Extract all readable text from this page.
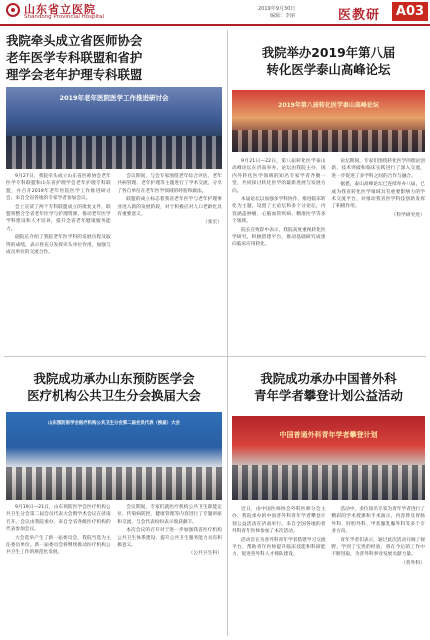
山东省立医院
Shandong Provincial Hospital
2019年9月30日
编辑：李丽	医教研	A03
我院牵头成立省医师协会
老年医学专科联盟和省护
理学会老年护理专科联盟
2019年老年医院医学工作推进研讨会

9月27日，我院牵头成立山东省医师协会老年医学专科联盟和山东省护理学会老年护理专科联盟，并召开2019年老年医院医学工作推进研讨会。来自全省各地的专家学者参加会议。

会上宣读了两个专科联盟成立的批复文件，联盟将整合全省老年医学与护理资源，推动老年医学学科建设和人才培养，提升全省老年健康服务能力。

副院长介绍了我院老年医学科的发展历程及取得的成绩，表示将充分发挥牵头单位作用，加强与成员单位的交流合作。

会议期间，与会专家围绕老年综合评估、老年共病管理、老年护理等主题进行了学术交流，分享了各自单位在老年医学领域的经验和做法。

联盟的成立标志着我省老年医学与老年护理事业进入新的发展阶段，对于积极应对人口老龄化具有重要意义。

（张宏）
我院举办2019年第八届
转化医学泰山高峰论坛
2019年第八届转化医学泰山高峰论坛

9月21日—22日，第八届转化医学泰山高峰论坛在济南举办。论坛由我院主办，国内外转化医学领域的知名专家学者齐聚一堂，共同探讨转化医学的最新进展与发展方向。

本届论坛以加强多学科协作、推进临床转化为主题，设置了主论坛和多个分论坛，内容涵盖肿瘤、心脑血管疾病、精准医学等多个领域。

院长在致辞中表示，我院高度重视转化医学研究，积极搭建平台，推动基础研究成果向临床应用转化。

论坛期间，专家们围绕转化医学的理论创新、技术突破和临床实践进行了深入交流，进一步促进了多学科之间的合作与融合。

据悉，泰山高峰论坛已连续举办八届，已成为我省转化医学领域具有重要影响力的学术交流平台，对推动我省医学科技创新发挥了积极作用。

（科学研究处）
我院成功承办山东预防医学会
医疗机构公共卫生分会换届大会
山东预防医学会医疗机构公共卫生分会第二届会员代表（换届）大会

9月19日—21日，山东预防医学会医疗机构公共卫生分会第二届会员代表大会暨学术会议在济南召开。会议由我院承办，来自全省各级医疗机构的代表参加会议。

大会选举产生了新一届委员会，我院当选为主任委员单位。新一届委员会将继续推动医疗机构公共卫生工作的规范化发展。

会议期间，专家们就医疗机构公共卫生职能定位、传染病防控、健康管理等内容进行了专题讲座和交流，与会代表纷纷表示收获颇丰。

本次会议的召开对于进一步加强我省医疗机构公共卫生体系建设、提升公共卫生服务能力具有积极意义。

（公共卫生科）
我院成功承办中国普外科
青年学者攀登计划公益活动
中国普通外科青年学者攀登计划

近日，由中国医师协会外科医师分会主办、我院承办的中国普外科青年学者攀登计划公益活动在济南举行。来自全国各地的普外科青年医师参加了本次活动。

活动旨在为普外科青年学者搭建学习交流平台，帮助青年医师提升临床技能和科研能力，促进普外科人才梯队建设。

活动中，多位知名专家为青年学者进行了精彩的学术授课和手术演示，内容涉及胃肠外科、肝胆外科、甲状腺乳腺外科等多个专业方向。

青年学者们表示，通过此次活动开阔了视野，学到了宝贵的经验，将在今后的工作中不断进取，为普外科事业发展贡献力量。

（普外科）
